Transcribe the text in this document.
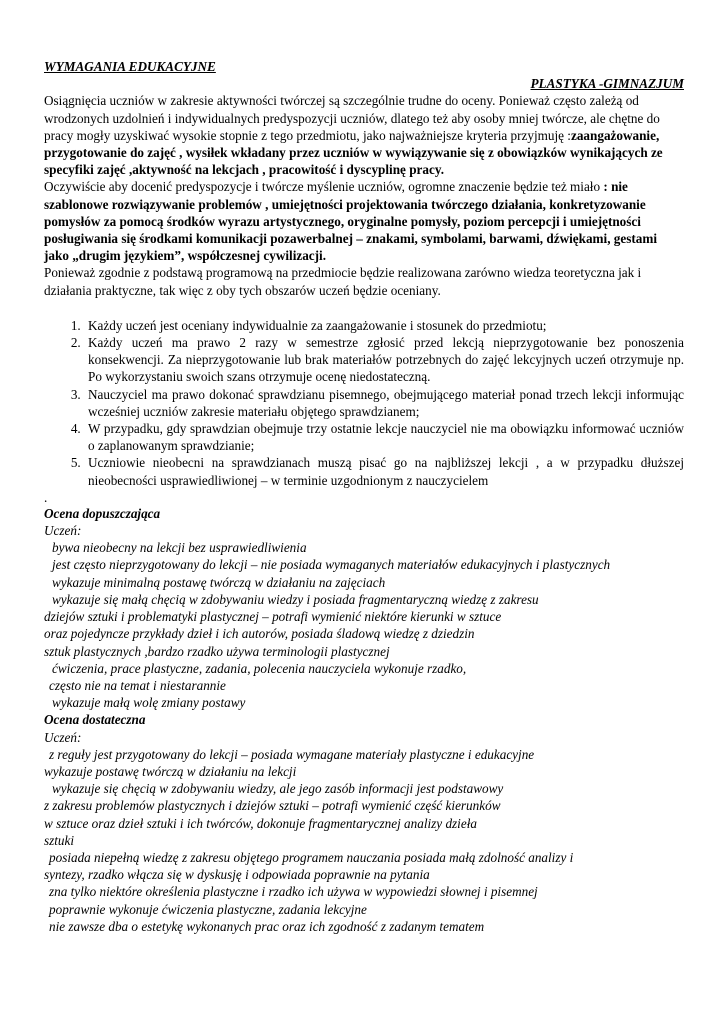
WYMAGANIA EDUKACYJNE
PLASTYKA -GIMNAZJUM

Osiągnięcia uczniów w zakresie aktywności twórczej są szczególnie trudne do oceny. Ponieważ często zależą od wrodzonych uzdolnień i indywidualnych predyspozycji uczniów, dlatego też aby osoby mniej twórcze, ale chętne do pracy mogły uzyskiwać wysokie stopnie z tego przedmiotu, jako najważniejsze kryteria przyjmuję :zaangażowanie, przygotowanie do zajęć , wysiłek wkładany przez uczniów w wywiązywanie się z obowiązków wynikających ze specyfiki zajęć ,aktywność na lekcjach , pracowitość i dyscyplinę pracy.

Oczywiście aby docenić predyspozycje i twórcze myślenie uczniów, ogromne znaczenie będzie też miało : nie szablonowe rozwiązywanie problemów , umiejętności projektowania twórczego działania, konkretyzowanie pomysłów za pomocą środków wyrazu artystycznego, oryginalne pomysły, poziom percepcji i umiejętności posługiwania się środkami komunikacji pozawerbalnej – znakami, symbolami, barwami, dźwiękami, gestami jako „drugim językiem”, współczesnej cywilizacji.

Ponieważ zgodnie z podstawą programową na przedmiocie będzie realizowana zarówno wiedza teoretyczna jak i działania praktyczne, tak więc z oby tych obszarów uczeń będzie oceniany.

1. Każdy uczeń jest oceniany indywidualnie za zaangażowanie i stosunek do przedmiotu;
2. Każdy uczeń ma prawo 2 razy w semestrze zgłosić przed lekcją nieprzygotowanie bez ponoszenia konsekwencji. Za nieprzygotowanie lub brak materiałów potrzebnych do zajęć lekcyjnych uczeń otrzymuje np. Po wykorzystaniu swoich szans otrzymuje ocenę niedostateczną.
3. Nauczyciel ma prawo dokonać sprawdzianu pisemnego, obejmującego materiał ponad trzech lekcji informując wcześniej uczniów zakresie materiału objętego sprawdzianem;
4. W przypadku, gdy sprawdzian obejmuje trzy ostatnie lekcje nauczyciel nie ma obowiązku informować uczniów o zaplanowanym sprawdzianie;
5. Uczniowie nieobecni na sprawdzianach muszą pisać go na najbliższej lekcji , a w przypadku dłuższej nieobecności usprawiedliwionej – w terminie uzgodnionym z nauczycielem
.
Ocena dopuszczająca
Uczeń:
bywa nieobecny na lekcji bez usprawiedliwienia
jest często nieprzygotowany do lekcji – nie posiada wymaganych materiałów edukacyjnych i plastycznych
wykazuje minimalną postawę twórczą w działaniu na zajęciach
wykazuje się małą chęcią w zdobywaniu wiedzy i posiada fragmentaryczną wiedzę z zakresu
dziejów sztuki i problematyki plastycznej – potrafi wymienić niektóre kierunki w sztuce
oraz pojedyncze przykłady dzieł i ich autorów, posiada śladową wiedzę z dziedzin
sztuk plastycznych ,bardzo rzadko używa terminologii plastycznej
ćwiczenia, prace plastyczne, zadania, polecenia nauczyciela wykonuje rzadko,
często nie na temat i niestarannie
wykazuje małą wolę zmiany postawy
Ocena dostateczna
Uczeń:
z reguły jest przygotowany do lekcji – posiada wymagane materiały plastyczne i edukacyjne
wykazuje postawę twórczą w działaniu na lekcji
wykazuje się chęcią w zdobywaniu wiedzy, ale jego zasób informacji jest podstawowy
z zakresu problemów plastycznych i dziejów sztuki – potrafi wymienić część kierunków
w sztuce oraz dzieł sztuki i ich twórców, dokonuje fragmentarycznej analizy dzieła
sztuki
posiada niepełną wiedzę z zakresu objętego programem nauczania posiada małą zdolność analizy i
syntezy, rzadko włącza się w dyskusję i odpowiada poprawnie na pytania
zna tylko niektóre określenia plastyczne i rzadko ich używa w wypowiedzi słownej i pisemnej
poprawnie wykonuje ćwiczenia plastyczne, zadania lekcyjne
nie zawsze dba o estetykę wykonanych prac oraz ich zgodność z zadanym tematem
